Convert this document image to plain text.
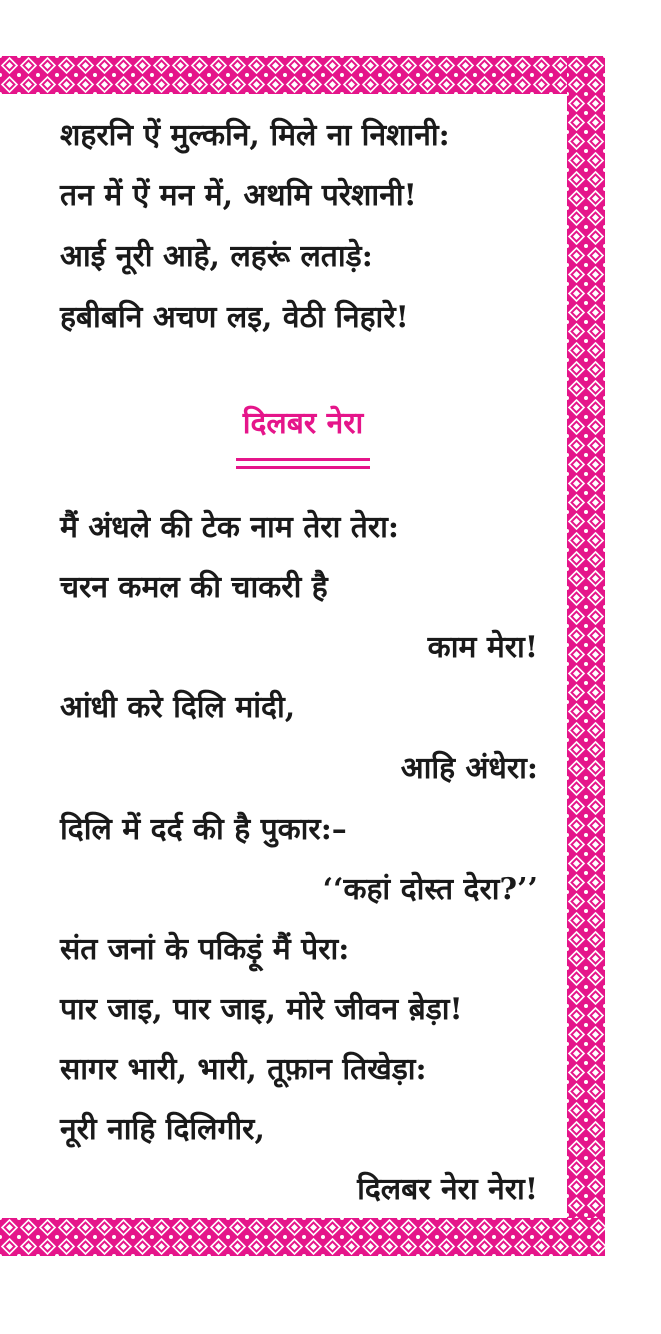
शहरनि ऐं मुल्कनि, मिले ना निशानी:
तन में ऐं मन में, अथमि परेशानी!
आई नूरी आहे, लहरूं लताड़े:
हबीबनि अचण लइ, वेठी निहारे!
दिलबर नेरा
मैं अंधले की टेक नाम तेरा तेरा:
चरन कमल की चाकरी है
काम मेरा!
आंधी करे दिलि मांदी,
आहि अंधेरा:
दिलि में दर्द की है पुकार:–
‘‘कहां दोस्त देरा?’’
संत जनां के पकिड़ूं मैं पेरा:
पार जाइ, पार जाइ, मोरे जीवन ब़ेड़ा!
सागर भारी, भारी, तूफ़ान तिखेड़ा:
नूरी नाहि दिलिगीर,
दिलबर नेरा नेरा!
